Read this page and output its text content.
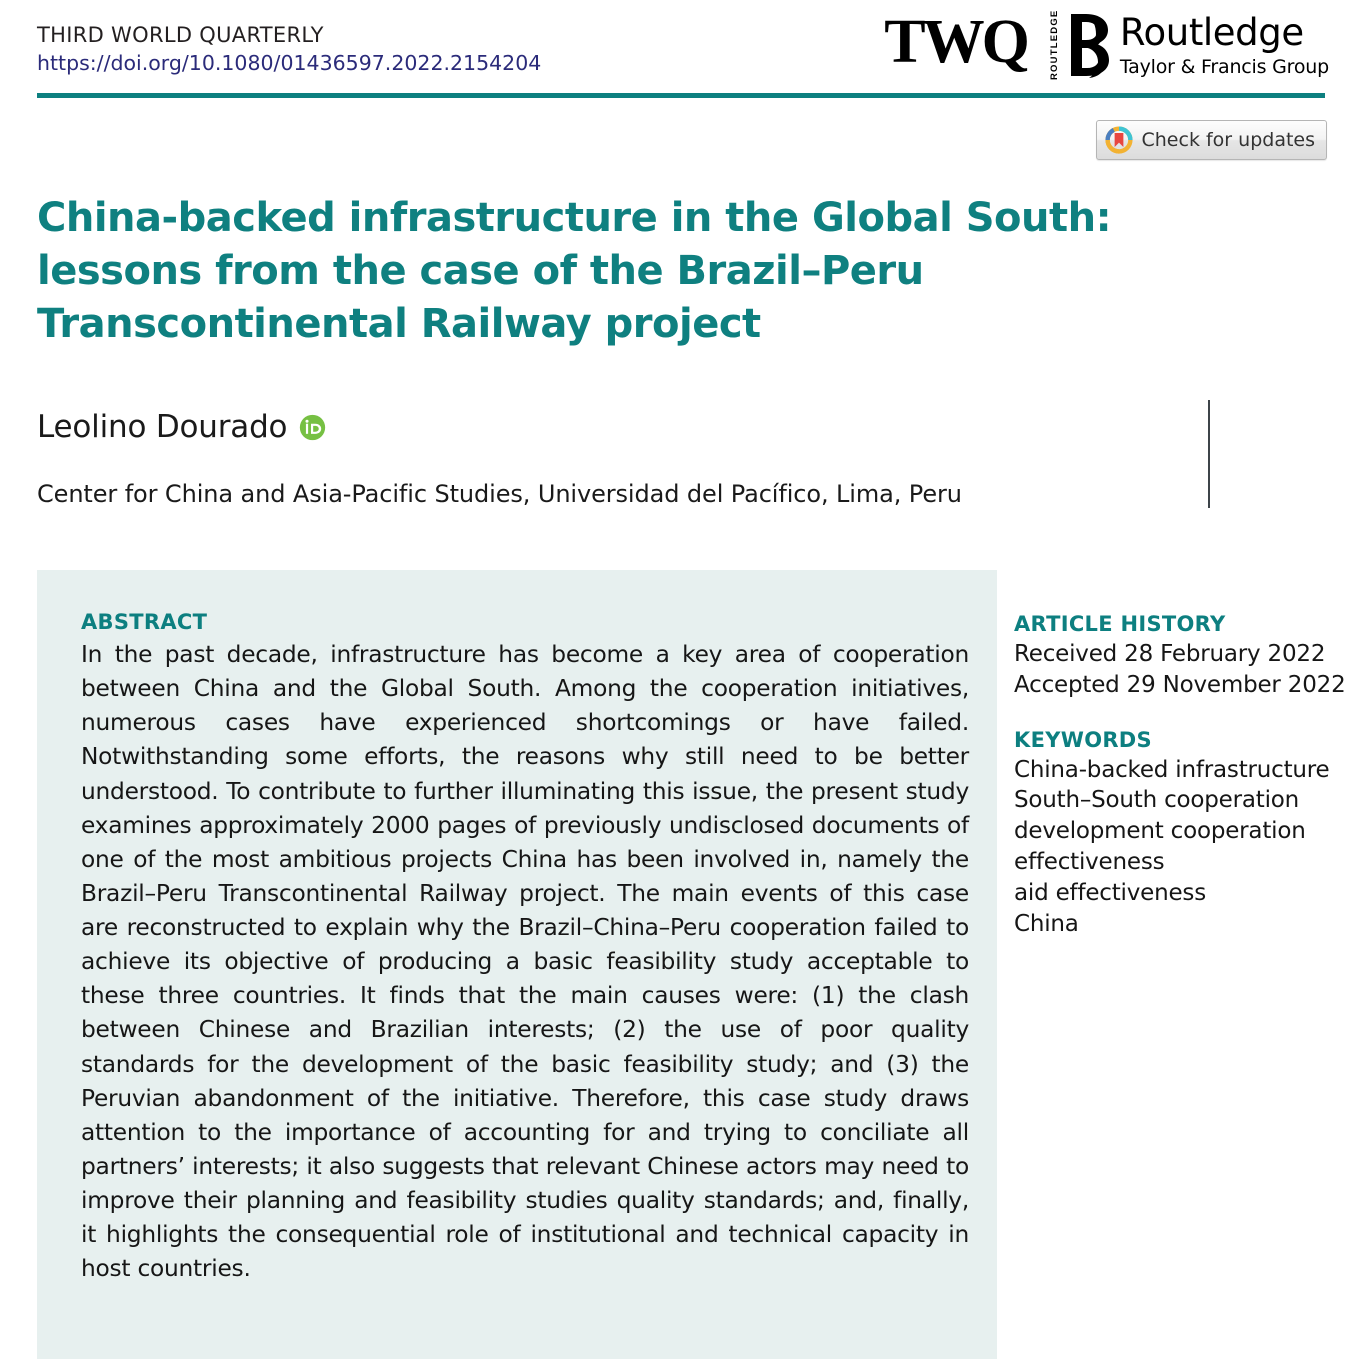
THIRD WORLD QUARTERLY
https://doi.org/10.1080/01436597.2022.2154204	TWQ ROUTLEDGE Routledge
Taylor & Francis Group
Check for updates
China-backed infrastructure in the Global South: lessons from the case of the Brazil–Peru Transcontinental Railway project
Leolino Dourado
Center for China and Asia-Pacific Studies, Universidad del Pacífico, Lima, Peru
ABSTRACT

In the past decade, infrastructure has become a key area of cooperation between China and the Global South. Among the cooperation initiatives, numerous cases have experienced shortcomings or have failed. Notwithstanding some efforts, the reasons why still need to be better understood. To contribute to further illuminating this issue, the present study examines approximately 2000 pages of previously undisclosed documents of one of the most ambitious projects China has been involved in, namely the Brazil–Peru Transcontinental Railway project. The main events of this case are reconstructed to explain why the Brazil–China–Peru cooperation failed to achieve its objective of producing a basic feasibility study acceptable to these three countries. It finds that the main causes were: (1) the clash between Chinese and Brazilian interests; (2) the use of poor quality standards for the development of the basic feasibility study; and (3) the Peruvian abandonment of the initiative. Therefore, this case study draws attention to the importance of accounting for and trying to conciliate all partners’ interests; it also suggests that relevant Chinese actors may need to improve their planning and feasibility studies quality standards; and, finally, it highlights the consequential role of institutional and technical capacity in host countries.

ARTICLE HISTORY
Received 28 February 2022
Accepted 29 November 2022
KEYWORDS
China-backed infrastructure
South–South cooperation
development cooperation effectiveness
aid effectiveness
China
